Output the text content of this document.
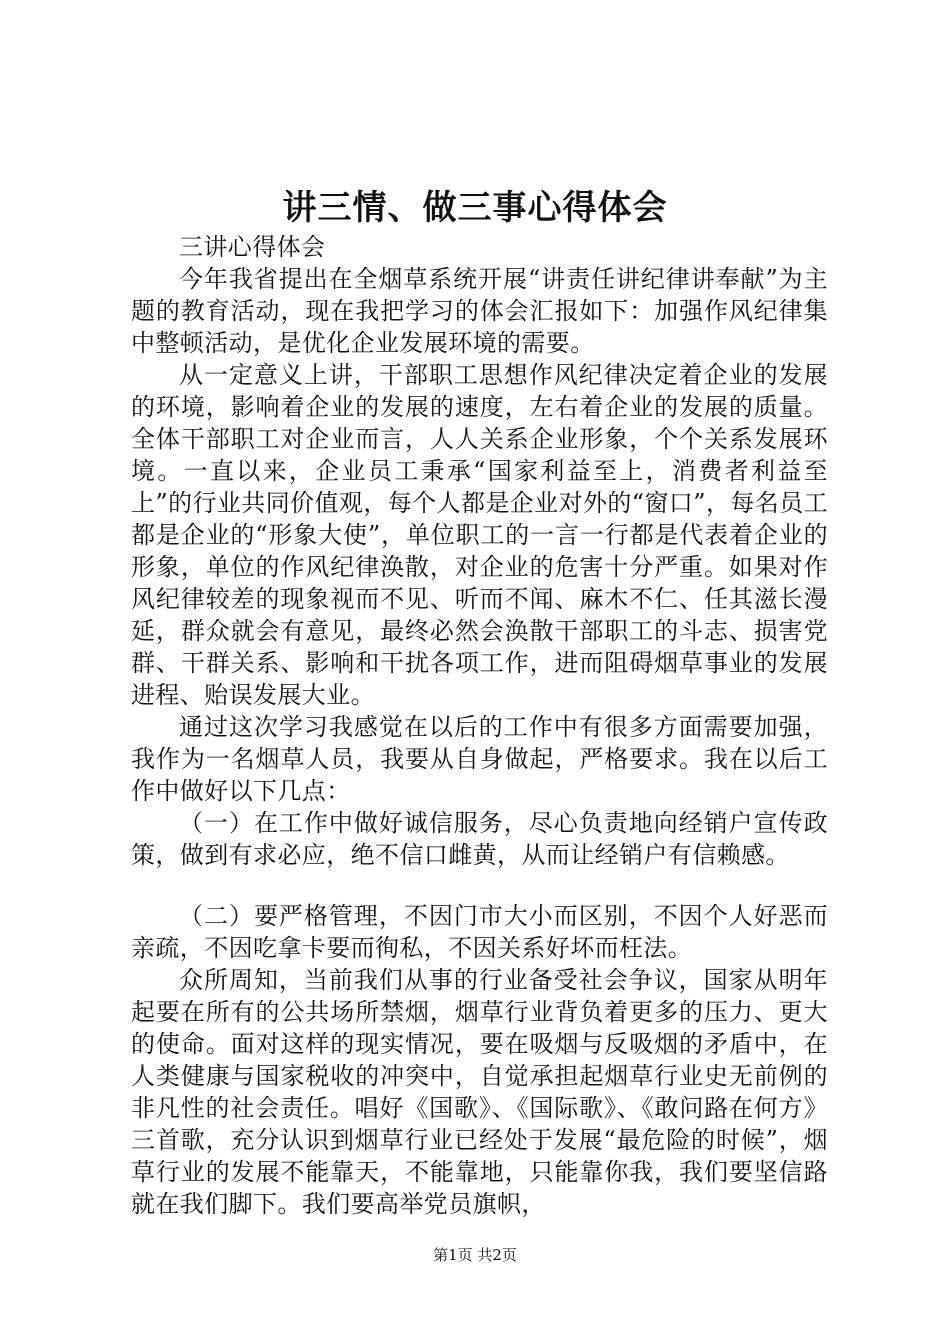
讲三情、做三事心得体会

三讲心得体会

今年我省提出在全烟草系统开展“讲责任讲纪律讲奉献”为主题的教育活动，现在我把学习的体会汇报如下：加强作风纪律集中整顿活动，是优化企业发展环境的需要。

从一定意义上讲，干部职工思想作风纪律决定着企业的发展的环境，影响着企业的发展的速度，左右着企业的发展的质量。全体干部职工对企业而言，人人关系企业形象，个个关系发展环境。一直以来，企业员工秉承“国家利益至上，消费者利益至上”的行业共同价值观，每个人都是企业对外的“窗口”，每名员工都是企业的“形象大使”，单位职工的一言一行都是代表着企业的形象，单位的作风纪律涣散，对企业的危害十分严重。如果对作风纪律较差的现象视而不见、听而不闻、麻木不仁、任其滋长漫延，群众就会有意见，最终必然会涣散干部职工的斗志、损害党群、干群关系、影响和干扰各项工作，进而阻碍烟草事业的发展进程、贻误发展大业。

通过这次学习我感觉在以后的工作中有很多方面需要加强，我作为一名烟草人员，我要从自身做起，严格要求。我在以后工作中做好以下几点：

（一）在工作中做好诚信服务，尽心负责地向经销户宣传政策，做到有求必应，绝不信口雌黄，从而让经销户有信赖感。

（二）要严格管理，不因门市大小而区别，不因个人好恶而亲疏，不因吃拿卡要而徇私，不因关系好坏而枉法。

众所周知，当前我们从事的行业备受社会争议，国家从明年起要在所有的公共场所禁烟，烟草行业背负着更多的压力、更大的使命。面对这样的现实情况，要在吸烟与反吸烟的矛盾中，在人类健康与国家税收的冲突中，自觉承担起烟草行业史无前例的非凡性的社会责任。唱好《国歌》、《国际歌》、《敢问路在何方》三首歌，充分认识到烟草行业已经处于发展“最危险的时候”，烟草行业的发展不能靠天，不能靠地，只能靠你我，我们要坚信路就在我们脚下。我们要高举党员旗帜，

第1页 共2页
